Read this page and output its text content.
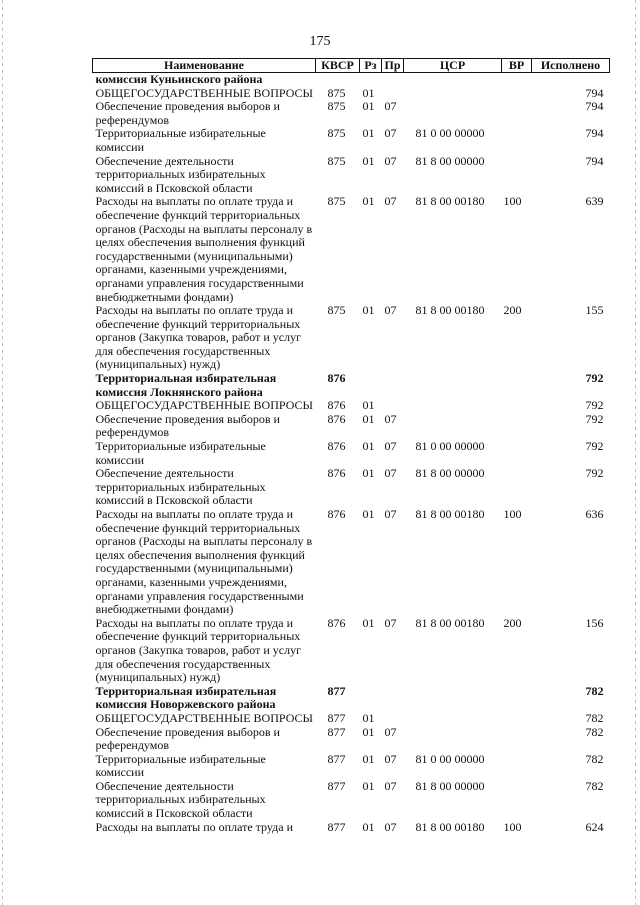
175
Наименование	КВСР	Рз	Пр	ЦСР	ВР	Исполнено
комиссия Куньинского района						
ОБЩЕГОСУДАРСТВЕННЫЕ ВОПРОСЫ	875	01				794
Обеспечение проведения выборов и референдумов	875	01	07			794
Территориальные избирательные комиссии	875	01	07	81 0 00 00000		794
Обеспечение деятельности территориальных избирательных комиссий в Псковской области	875	01	07	81 8 00 00000		794
Расходы на выплаты по оплате труда и обеспечение функций территориальных органов (Расходы на выплаты персоналу в целях обеспечения выполнения функций государственными (муниципальными) органами, казенными учреждениями, органами управления государственными внебюджетными фондами)	875	01	07	81 8 00 00180	100	639
Расходы на выплаты по оплате труда и обеспечение функций территориальных органов (Закупка товаров, работ и услуг для обеспечения государственных (муниципальных) нужд)	875	01	07	81 8 00 00180	200	155
Территориальная избирательная комиссия Локнянского района	876					792
ОБЩЕГОСУДАРСТВЕННЫЕ ВОПРОСЫ	876	01				792
Обеспечение проведения выборов и референдумов	876	01	07			792
Территориальные избирательные комиссии	876	01	07	81 0 00 00000		792
Обеспечение деятельности территориальных избирательных комиссий в Псковской области	876	01	07	81 8 00 00000		792
Расходы на выплаты по оплате труда и обеспечение функций территориальных органов (Расходы на выплаты персоналу в целях обеспечения выполнения функций государственными (муниципальными) органами, казенными учреждениями, органами управления государственными внебюджетными фондами)	876	01	07	81 8 00 00180	100	636
Расходы на выплаты по оплате труда и обеспечение функций территориальных органов (Закупка товаров, работ и услуг для обеспечения государственных (муниципальных) нужд)	876	01	07	81 8 00 00180	200	156
Территориальная избирательная комиссия Новоржевского района	877					782
ОБЩЕГОСУДАРСТВЕННЫЕ ВОПРОСЫ	877	01				782
Обеспечение проведения выборов и референдумов	877	01	07			782
Территориальные избирательные комиссии	877	01	07	81 0 00 00000		782
Обеспечение деятельности территориальных избирательных комиссий в Псковской области	877	01	07	81 8 00 00000		782
Расходы на выплаты по оплате труда и	877	01	07	81 8 00 00180	100	624
